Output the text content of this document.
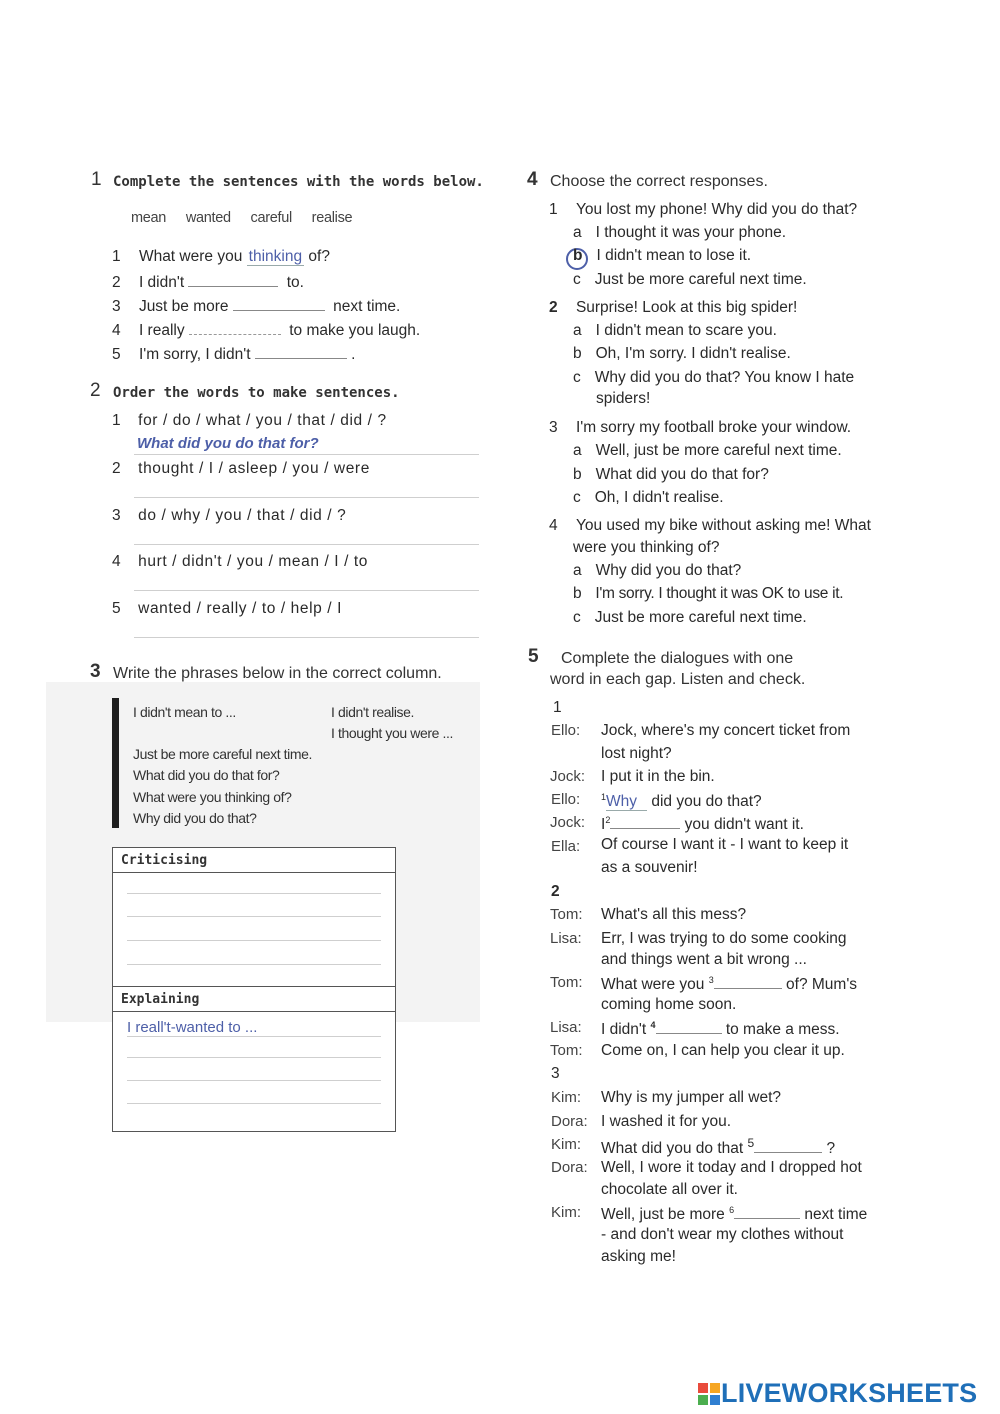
1 Complete the sentences with the words below.
mean wanted careful realise
1 What were you thinking of?
2 I didn't	to.
3 Just be more	next time.
4 I really	to make you laugh.
5 I'm sorry, I didn't	.
2 Order the words to make sentences.
1 for / do / what / you / that / did / ?
What did you do that for?
2 thought / I / asleep / you / were
3 do / why / you / that / did / ?
4 hurt / didn't / you / mean / I / to
5 wanted / really / to / help / I
3 Write the phrases below in the correct column.
I didn't mean to ...
Just be more careful next time.
What did you do that for?
What were you thinking of?
Why did you do that?
I didn't realise.
I thought you were ...
Criticising
Explaining
I reall't-wanted to ...
4 Choose the correct responses.
1 You lost my phone! Why did you do that?
a I thought it was your phone.
b I didn't mean to lose it.
c Just be more careful next time.
2 Surprise! Look at this big spider!
a I didn't mean to scare you.
b Oh, I'm sorry. I didn't realise.
c Why did you do that? You know I hate
spiders!
3 I'm sorry my football broke your window.
a Well, just be more careful next time.
b What did you do that for?
c Oh, I didn't realise.
4 You used my bike without asking me! What
were you thinking of?
a Why did you do that?
b I'm sorry. I thought it was OK to use it.
c Just be more careful next time.
5 Complete the dialogues with one
word in each gap. Listen and check.
1
Ello: Jock, where's my concert ticket from
lost night?
Jock: I put it in the bin.
Ello: $^1$Why did you do that?
Jock: $I^2$	you didn't want it.
Ella: Of course I want it - I want to keep it
as a souvenir!
2
Tom: What's all this mess?
Lisa: Err, I was trying to do some cooking
and things went a bit wrong ...
Tom: What were you $^3$	of? Mum's
coming home soon.
Lisa: I didn't $^4$	to make a mess.
Tom: Come on, I can help you clear it up.
3
Kim: Why is my jumper all wet?
Dora: I washed it for you.
Kim: What did you do that $^5$	?
Dora: Well, I wore it today and I dropped hot
chocolate all over it.
Kim: Well, just be more $^6$	next time
- and don't wear my clothes without
asking me!
LIVEWORKSHEETS
